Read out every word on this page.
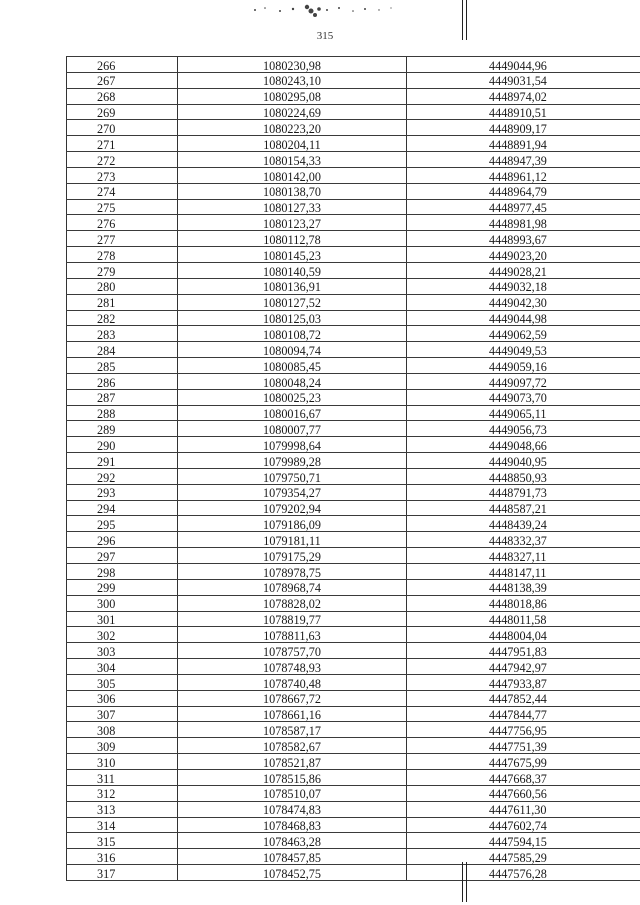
315
266	1080230,98	4449044,96
267	1080243,10	4449031,54
268	1080295,08	4448974,02
269	1080224,69	4448910,51
270	1080223,20	4448909,17
271	1080204,11	4448891,94
272	1080154,33	4448947,39
273	1080142,00	4448961,12
274	1080138,70	4448964,79
275	1080127,33	4448977,45
276	1080123,27	4448981,98
277	1080112,78	4448993,67
278	1080145,23	4449023,20
279	1080140,59	4449028,21
280	1080136,91	4449032,18
281	1080127,52	4449042,30
282	1080125,03	4449044,98
283	1080108,72	4449062,59
284	1080094,74	4449049,53
285	1080085,45	4449059,16
286	1080048,24	4449097,72
287	1080025,23	4449073,70
288	1080016,67	4449065,11
289	1080007,77	4449056,73
290	1079998,64	4449048,66
291	1079989,28	4449040,95
292	1079750,71	4448850,93
293	1079354,27	4448791,73
294	1079202,94	4448587,21
295	1079186,09	4448439,24
296	1079181,11	4448332,37
297	1079175,29	4448327,11
298	1078978,75	4448147,11
299	1078968,74	4448138,39
300	1078828,02	4448018,86
301	1078819,77	4448011,58
302	1078811,63	4448004,04
303	1078757,70	4447951,83
304	1078748,93	4447942,97
305	1078740,48	4447933,87
306	1078667,72	4447852,44
307	1078661,16	4447844,77
308	1078587,17	4447756,95
309	1078582,67	4447751,39
310	1078521,87	4447675,99
311	1078515,86	4447668,37
312	1078510,07	4447660,56
313	1078474,83	4447611,30
314	1078468,83	4447602,74
315	1078463,28	4447594,15
316	1078457,85	4447585,29
317	1078452,75	4447576,28
